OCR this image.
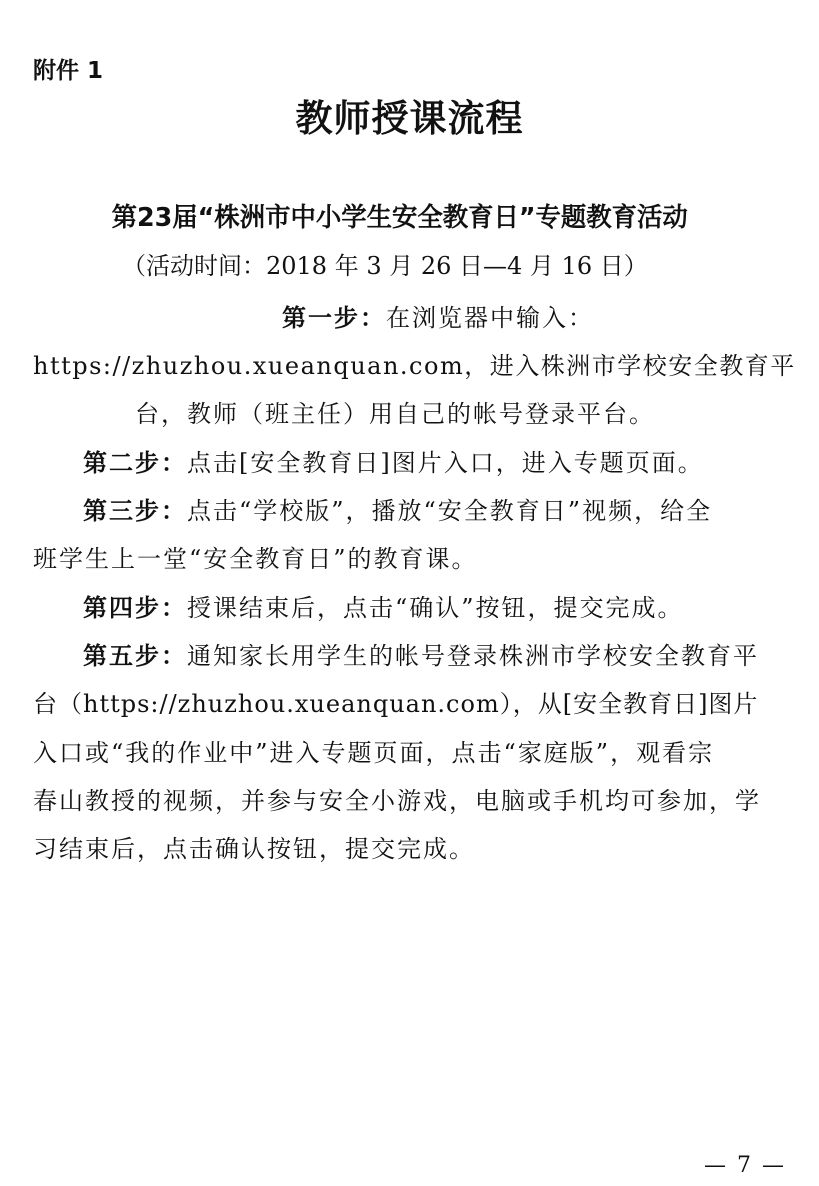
附件 1
教师授课流程
第23届“株洲市中小学生安全教育日”专题教育活动
（活动时间：2018 年 3 月 26 日—4 月 16 日）
第一步：在浏览器中输入：
https://zhuzhou.xueanquan.com，进入株洲市学校安全教育平
台，教师（班主任）用自己的帐号登录平台。
第二步：点击[安全教育日]图片入口，进入专题页面。
第三步：点击“学校版”，播放“安全教育日”视频，给全
班学生上一堂“安全教育日”的教育课。
第四步：授课结束后，点击“确认”按钮，提交完成。
第五步：通知家长用学生的帐号登录株洲市学校安全教育平
台（https://zhuzhou.xueanquan.com），从[安全教育日]图片
入口或“我的作业中”进入专题页面，点击“家庭版”，观看宗
春山教授的视频，并参与安全小游戏，电脑或手机均可参加，学
习结束后，点击确认按钮，提交完成。
— 7 —
